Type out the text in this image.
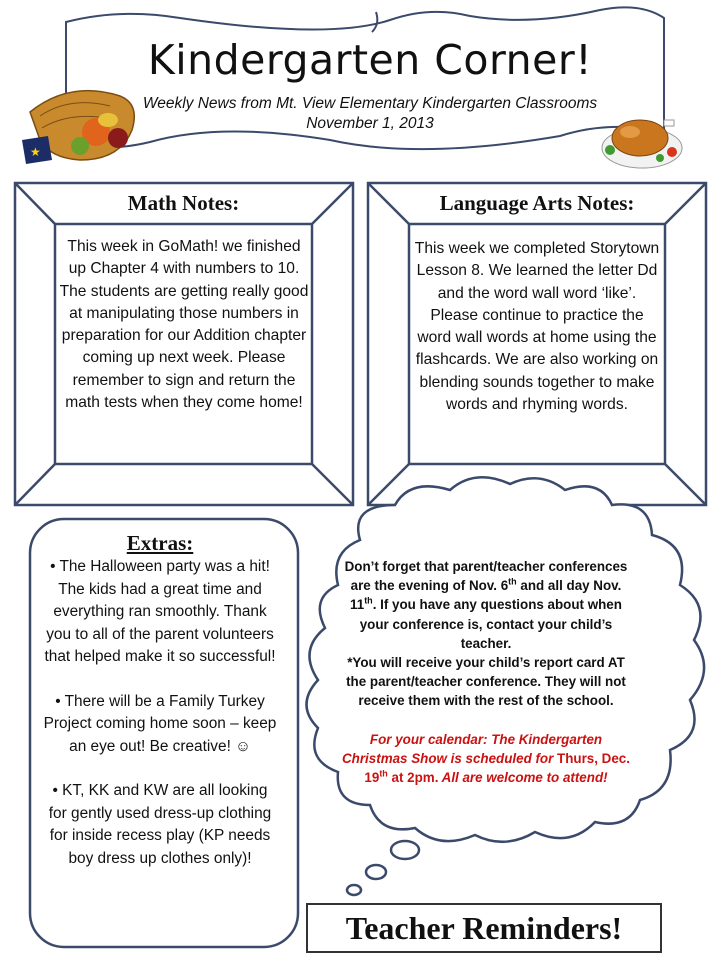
★
Kindergarten Corner!
Weekly News from Mt. View Elementary Kindergarten Classrooms
November 1, 2013
Math Notes:
This week in GoMath! we finished up Chapter 4 with numbers to 10. The students are getting really good at manipulating those numbers in preparation for our Addition chapter coming up next week. Please remember to sign and return the math tests when they come home!
Language Arts Notes:
This week we completed Storytown Lesson 8. We learned the letter Dd and the word wall word ‘like’. Please continue to practice the word wall words at home using the flashcards. We are also working on blending sounds together to make words and rhyming words.
Extras:

• The Halloween party was a hit! The kids had a great time and everything ran smoothly. Thank you to all of the parent volunteers that helped make it so successful!

• There will be a Family Turkey Project coming home soon – keep an eye out! Be creative! ☺

• KT, KK and KW are all looking for gently used dress-up clothing for inside recess play (KP needs boy dress up clothes only)!

Don’t forget that parent/teacher conferences are the evening of Nov. 6th and all day Nov. 11th. If you have any questions about when your conference is, contact your child’s teacher.

*You will receive your child’s report card AT the parent/teacher conference. They will not receive them with the rest of the school.

For your calendar: The Kindergarten Christmas Show is scheduled for Thurs, Dec. 19th at 2pm. All are welcome to attend!

Teacher Reminders!
